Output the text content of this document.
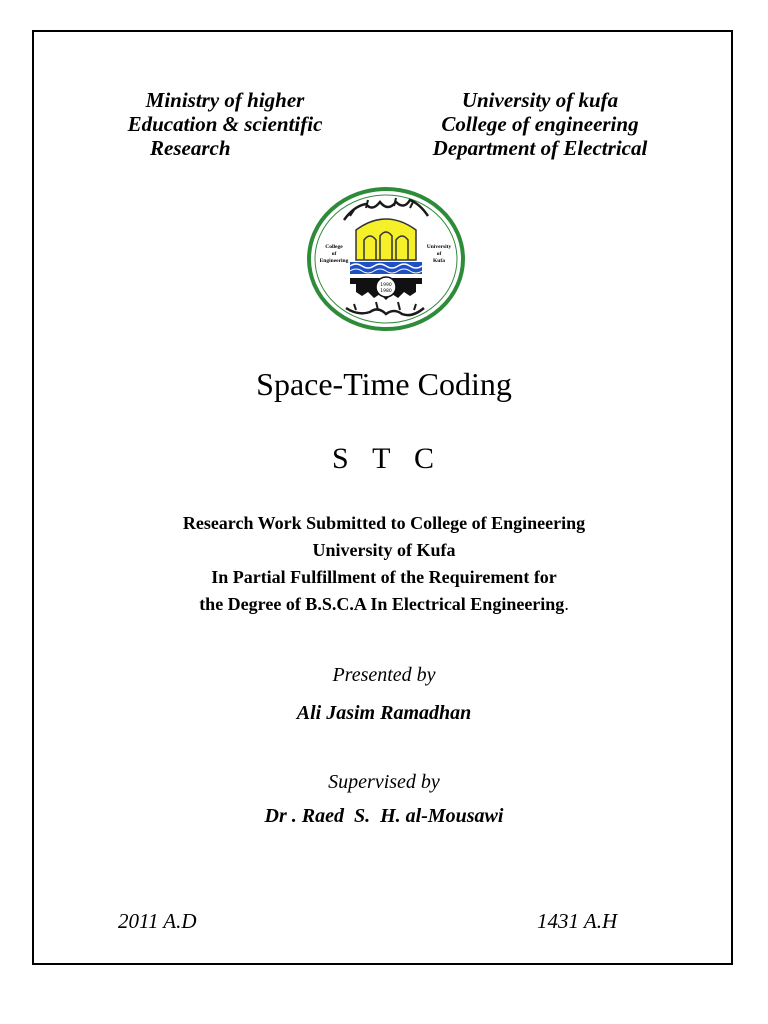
Ministry of higher
Education & scientific
Research
University of kufa
College of engineering
Department of Electrical
1990
1980
College
of
Engineering
University
of
Kufa
Space-Time Coding
S T C
Research Work Submitted to College of Engineering
University of Kufa
In Partial Fulfillment of the Requirement for
the Degree of B.S.C.A In Electrical Engineering.
Presented by
Ali Jasim Ramadhan
Supervised by
Dr . Raed  S.  H. al-Mousawi
2011 A.D	1431 A.H
